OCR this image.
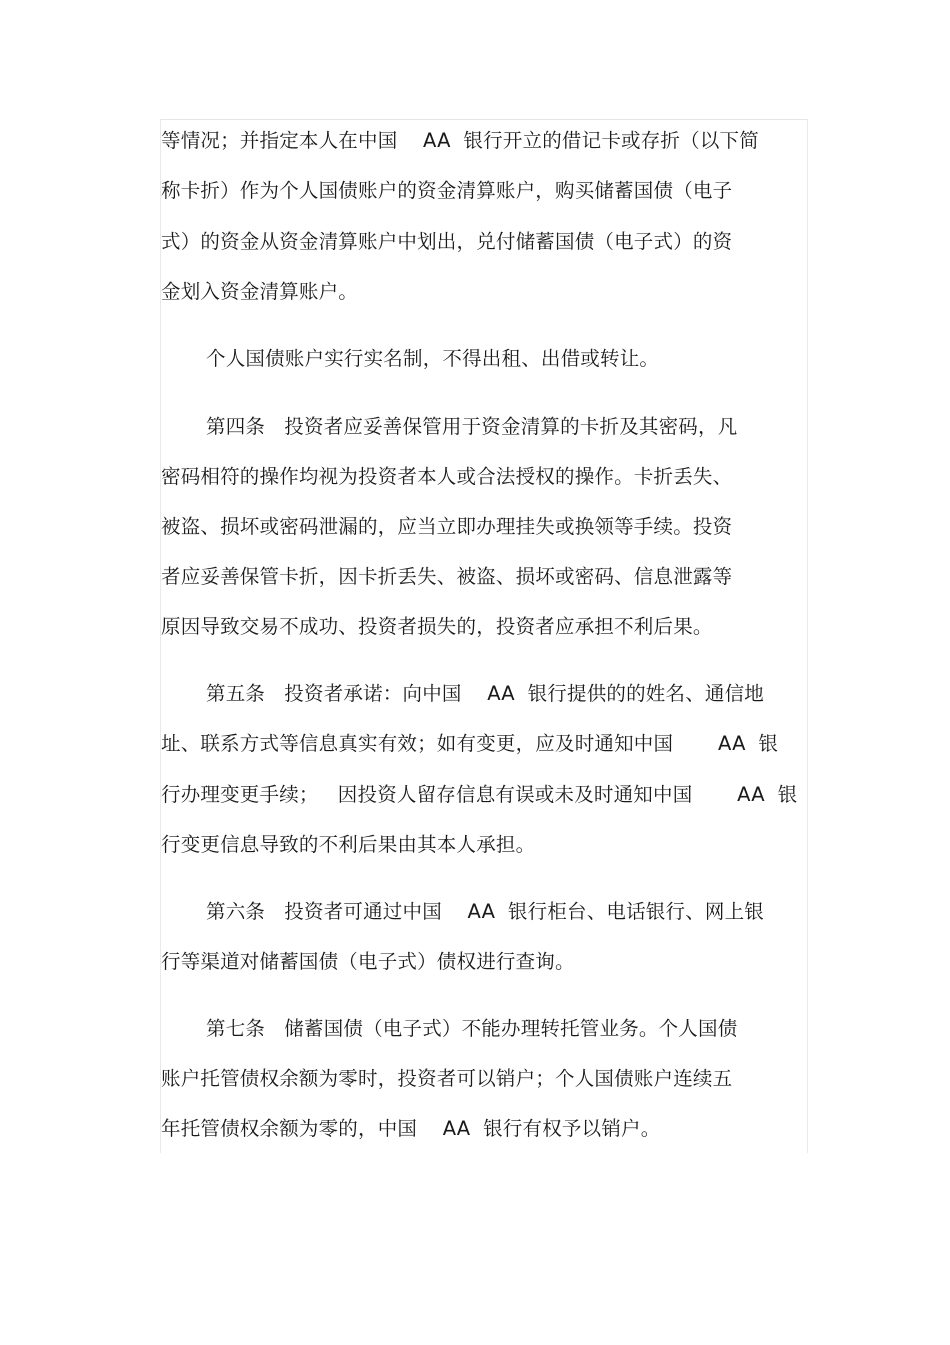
等情况；并指定本人在中国    AA  银行开立的借记卡或存折（以下简
称卡折）作为个人国债账户的资金清算账户，购买储蓄国债（电子
式）的资金从资金清算账户中划出，兑付储蓄国债（电子式）的资
金划入资金清算账户。
个人国债账户实行实名制，不得出租、出借或转让。
第四条   投资者应妥善保管用于资金清算的卡折及其密码，凡
密码相符的操作均视为投资者本人或合法授权的操作。卡折丢失、
被盗、损坏或密码泄漏的，应当立即办理挂失或换领等手续。投资
者应妥善保管卡折，因卡折丢失、被盗、损坏或密码、信息泄露等
原因导致交易不成功、投资者损失的，投资者应承担不利后果。
第五条   投资者承诺：向中国    AA  银行提供的的姓名、通信地
址、联系方式等信息真实有效；如有变更，应及时通知中国       AA  银
行办理变更手续；   因投资人留存信息有误或未及时通知中国       AA  银
行变更信息导致的不利后果由其本人承担。
第六条   投资者可通过中国    AA  银行柜台、电话银行、网上银
行等渠道对储蓄国债（电子式）债权进行查询。
第七条   储蓄国债（电子式）不能办理转托管业务。个人国债
账户托管债权余额为零时，投资者可以销户；个人国债账户连续五
年托管债权余额为零的，中国    AA  银行有权予以销户。
